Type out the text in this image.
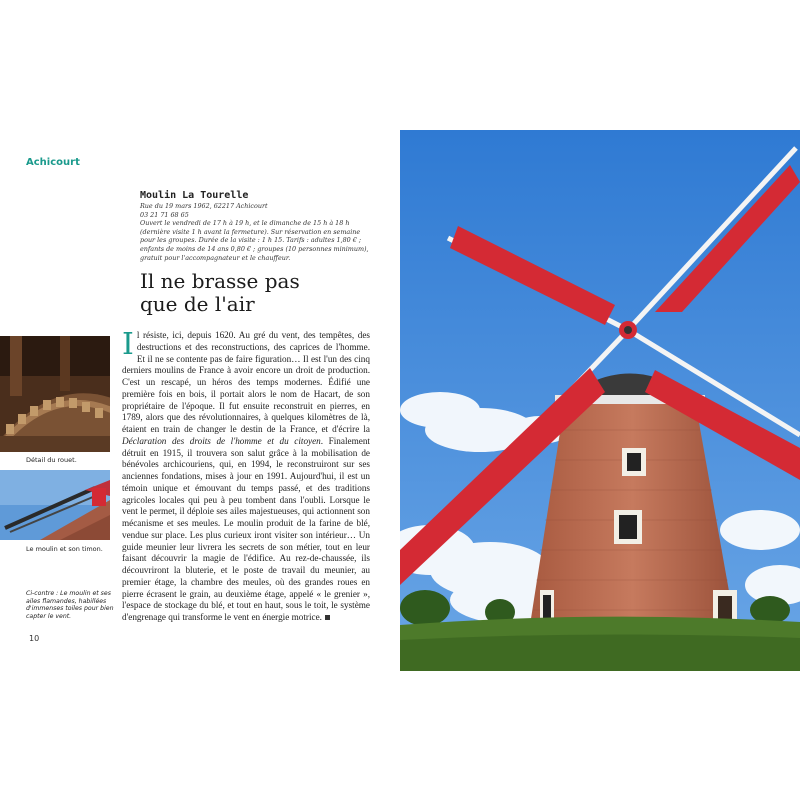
Achicourt
Moulin La Tourelle
Rue du 19 mars 1962, 62217 Achicourt
03 21 71 68 65
Ouvert le vendredi de 17 h à 19 h, et le dimanche de 15 h à 18 h (dernière visite 1 h avant la fermeture). Sur réservation en semaine pour les groupes. Durée de la visite : 1 h 15. Tarifs : adultes 1,80 € ; enfants de moins de 14 ans 0,80 € ; groupes (10 personnes minimum), gratuit pour l'accompagnateur et le chauffeur.
Il ne brasse pas
que de l'air
Il résiste, ici, depuis 1620. Au gré du vent, des tempêtes, des destructions et des reconstructions, des caprices de l'homme. Et il ne se contente pas de faire figuration… Il est l'un des cinq derniers moulins de France à avoir encore un droit de production. C'est un rescapé, un héros des temps modernes. Édifié une première fois en bois, il portait alors le nom de Hacart, de son propriétaire de l'époque. Il fut ensuite reconstruit en pierres, en 1789, alors que des révolutionnaires, à quelques kilomètres de là, étaient en train de changer le destin de la France, et d'écrire la Déclaration des droits de l'homme et du citoyen. Finalement détruit en 1915, il trouvera son salut grâce à la mobilisation de bénévoles archicouriens, qui, en 1994, le reconstruiront sur ses anciennes fondations, mises à jour en 1991. Aujourd'hui, il est un témoin unique et émouvant du temps passé, et des traditions agricoles locales qui peu à peu tombent dans l'oubli. Lorsque le vent le permet, il déploie ses ailes majestueuses, qui actionnent son mécanisme et ses meules. Le moulin produit de la farine de blé, vendue sur place. Les plus curieux iront visiter son intérieur… Un guide meunier leur livrera les secrets de son métier, tout en leur faisant découvrir la magie de l'édifice. Au rez-de-chaussée, ils découvriront la bluterie, et le poste de travail du meunier, au premier étage, la chambre des meules, où des grandes roues en pierre écrasent le grain, au deuxième étage, appelé « le grenier », l'espace de stockage du blé, et tout en haut, sous le toit, le système d'engrenage qui transforme le vent en énergie motrice.
Détail du rouet.
Le moulin et son timon.
Ci-contre : Le moulin et ses ailes flamandes, habillées d'immenses toiles pour bien capter le vent.
10
